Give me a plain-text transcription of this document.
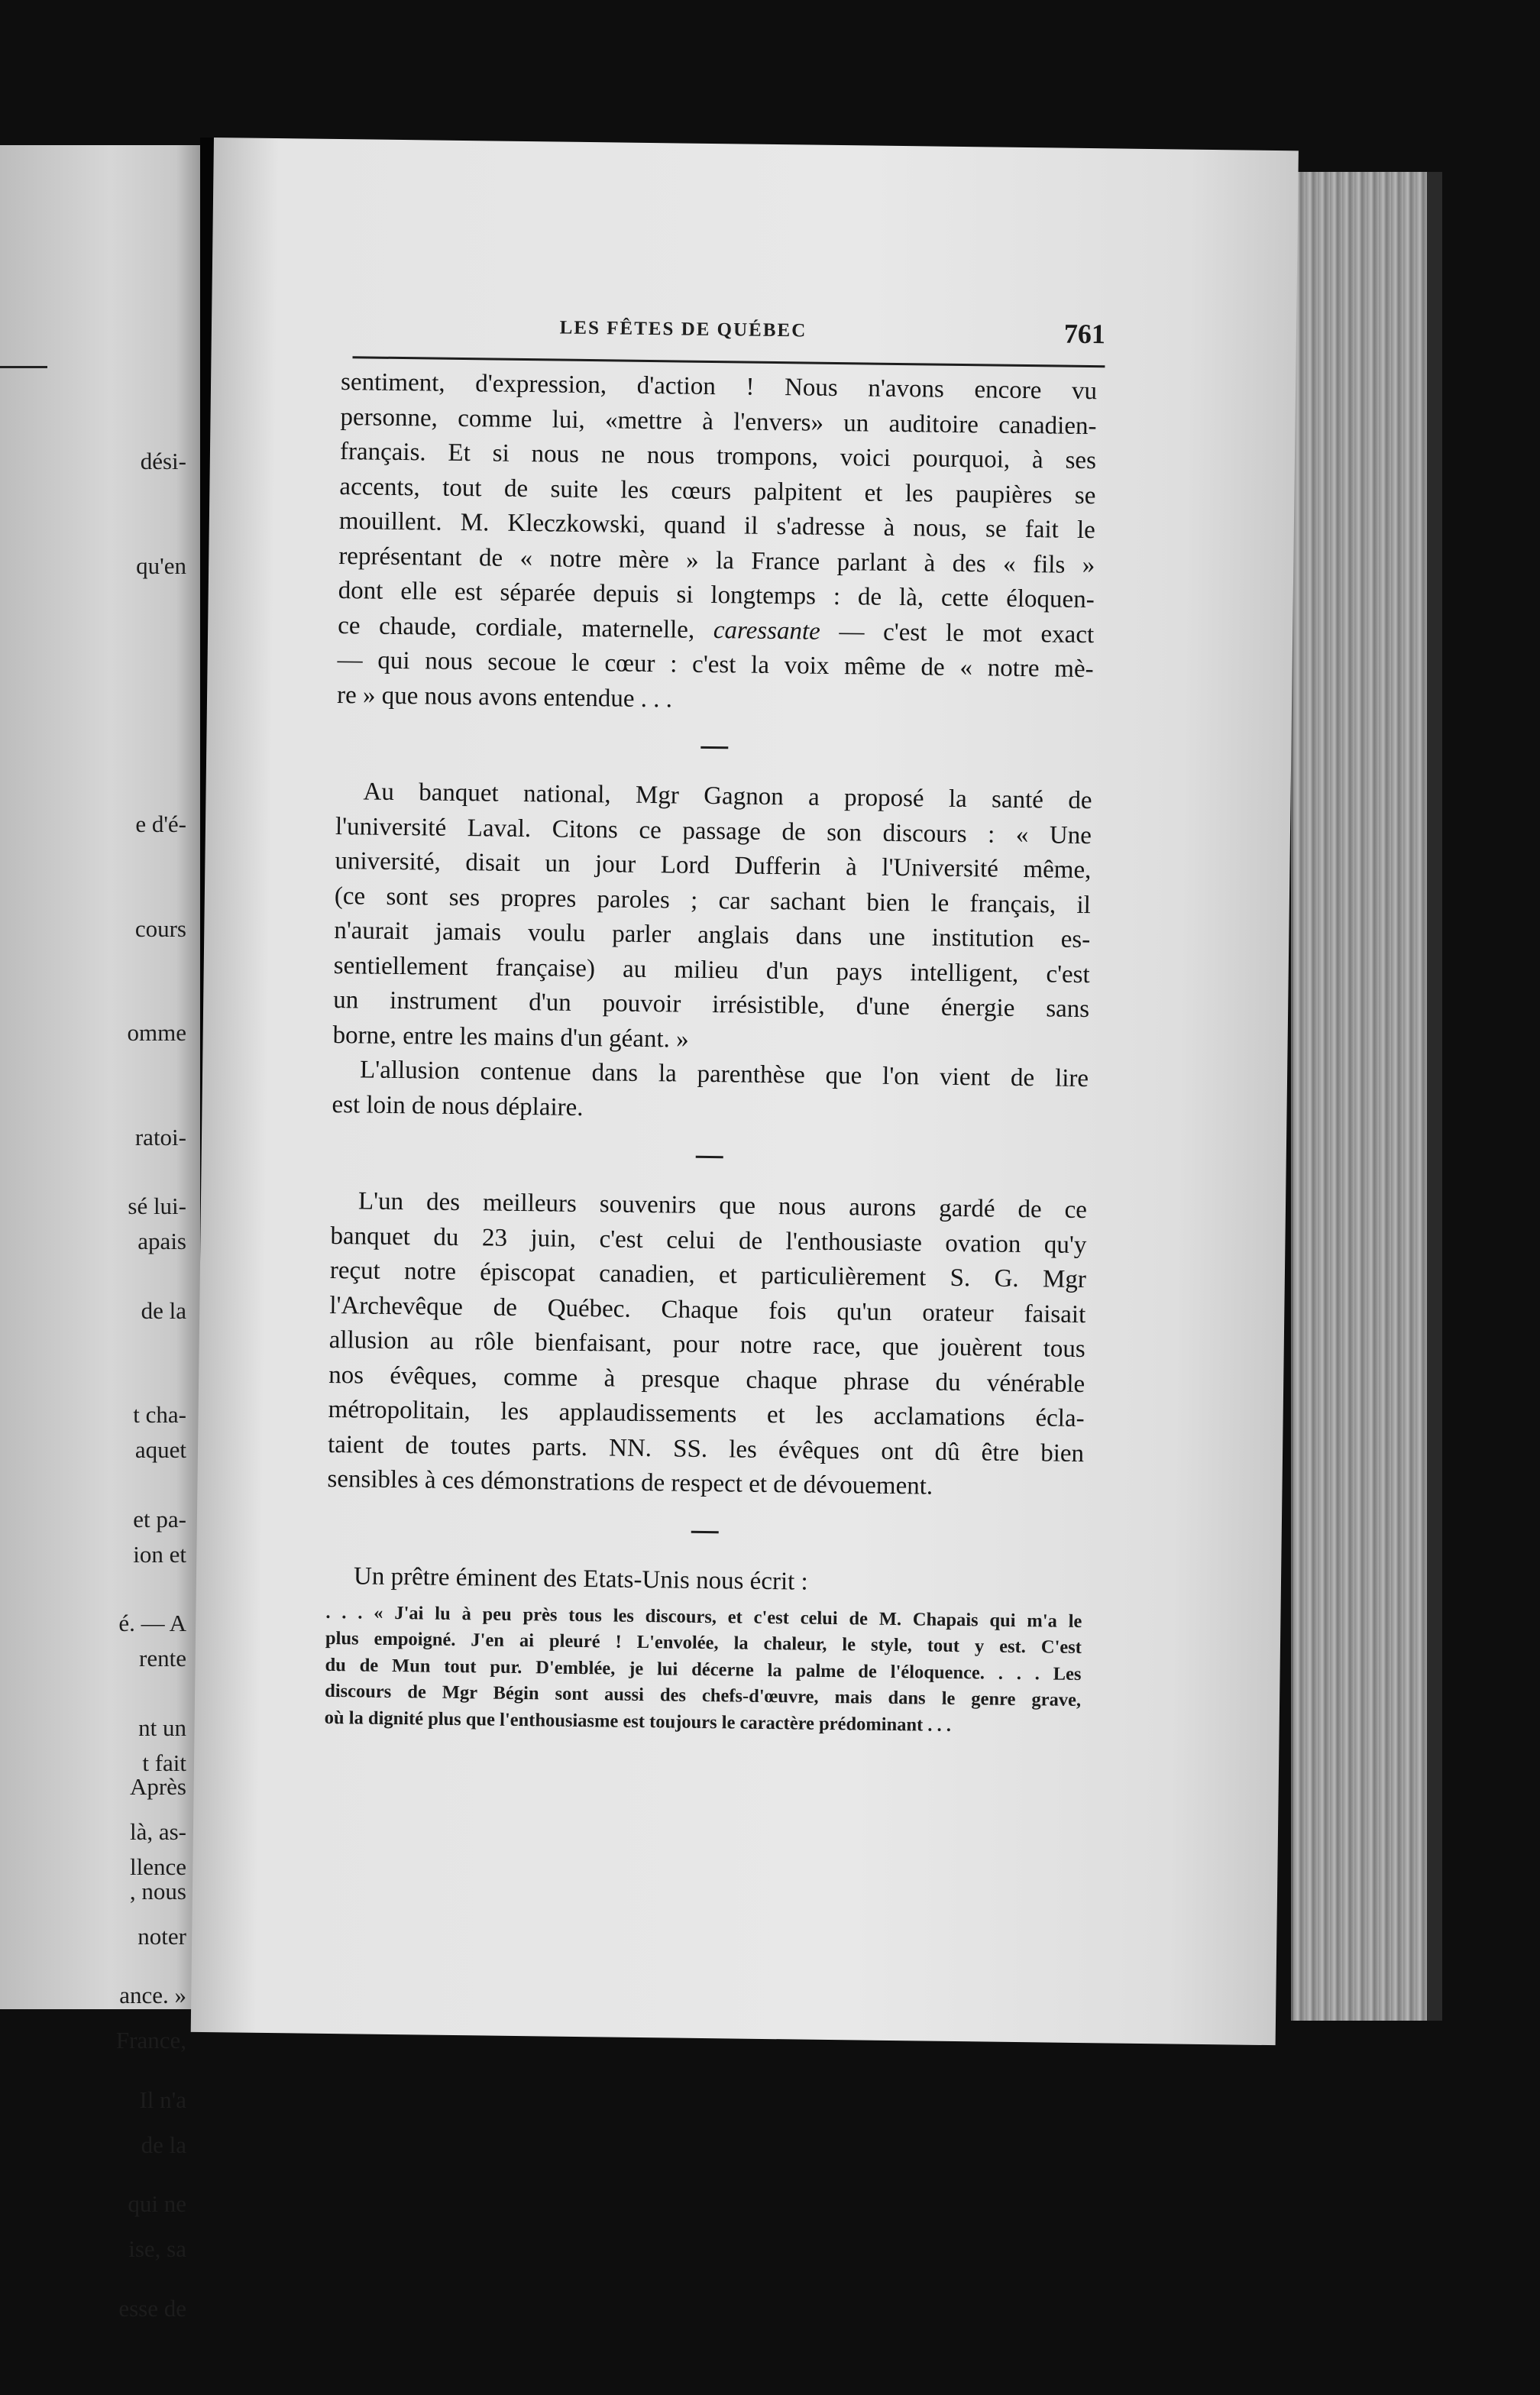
dési-

qu'en

e d'é-

cours

omme

ratoi-

apais

aquet

ion et

rente

t fait

llence

sé lui-

de la

t cha-

et pa-

é. — A

nt un

là, as-

noter

France,

de la

ise, sa

Après

, nous

ance. »

Il n'a

qui ne

esse de

LES FÊTES DE QUÉBEC	761
sentiment, d'expression, d'action ! Nous n'avons encore vu
personne, comme lui, «mettre à l'envers» un auditoire canadien-
français. Et si nous ne nous trompons, voici pourquoi, à ses
accents, tout de suite les cœurs palpitent et les paupières se
mouillent. M. Kleczkowski, quand il s'adresse à nous, se fait le
représentant de « notre mère » la France parlant à des « fils »
dont elle est séparée depuis si longtemps : de là, cette éloquen-
ce chaude, cordiale, maternelle, caressante — c'est le mot exact
— qui nous secoue le cœur : c'est la voix même de « notre mè-
re » que nous avons entendue . . .
Au banquet national, Mgr Gagnon a proposé la santé de
l'université Laval. Citons ce passage de son discours : « Une
université, disait un jour Lord Dufferin à l'Université même,
(ce sont ses propres paroles ; car sachant bien le français, il
n'aurait jamais voulu parler anglais dans une institution es-
sentiellement française) au milieu d'un pays intelligent, c'est
un instrument d'un pouvoir irrésistible, d'une énergie sans
borne, entre les mains d'un géant. »
L'allusion contenue dans la parenthèse que l'on vient de lire
est loin de nous déplaire.
L'un des meilleurs souvenirs que nous aurons gardé de ce
banquet du 23 juin, c'est celui de l'enthousiaste ovation qu'y
reçut notre épiscopat canadien, et particulièrement S. G. Mgr
l'Archevêque de Québec. Chaque fois qu'un orateur faisait
allusion au rôle bienfaisant, pour notre race, que jouèrent tous
nos évêques, comme à presque chaque phrase du vénérable
métropolitain, les applaudissements et les acclamations écla-
taient de toutes parts. NN. SS. les évêques ont dû être bien
sensibles à ces démonstrations de respect et de dévouement.
Un prêtre éminent des Etats-Unis nous écrit :
. . . « J'ai lu à peu près tous les discours, et c'est celui de M. Chapais qui m'a le
plus empoigné. J'en ai pleuré ! L'envolée, la chaleur, le style, tout y est. C'est
du de Mun tout pur. D'emblée, je lui décerne la palme de l'éloquence. . . . Les
discours de Mgr Bégin sont aussi des chefs-d'œuvre, mais dans le genre grave,
où la dignité plus que l'enthousiasme est toujours le caractère prédominant . . .
